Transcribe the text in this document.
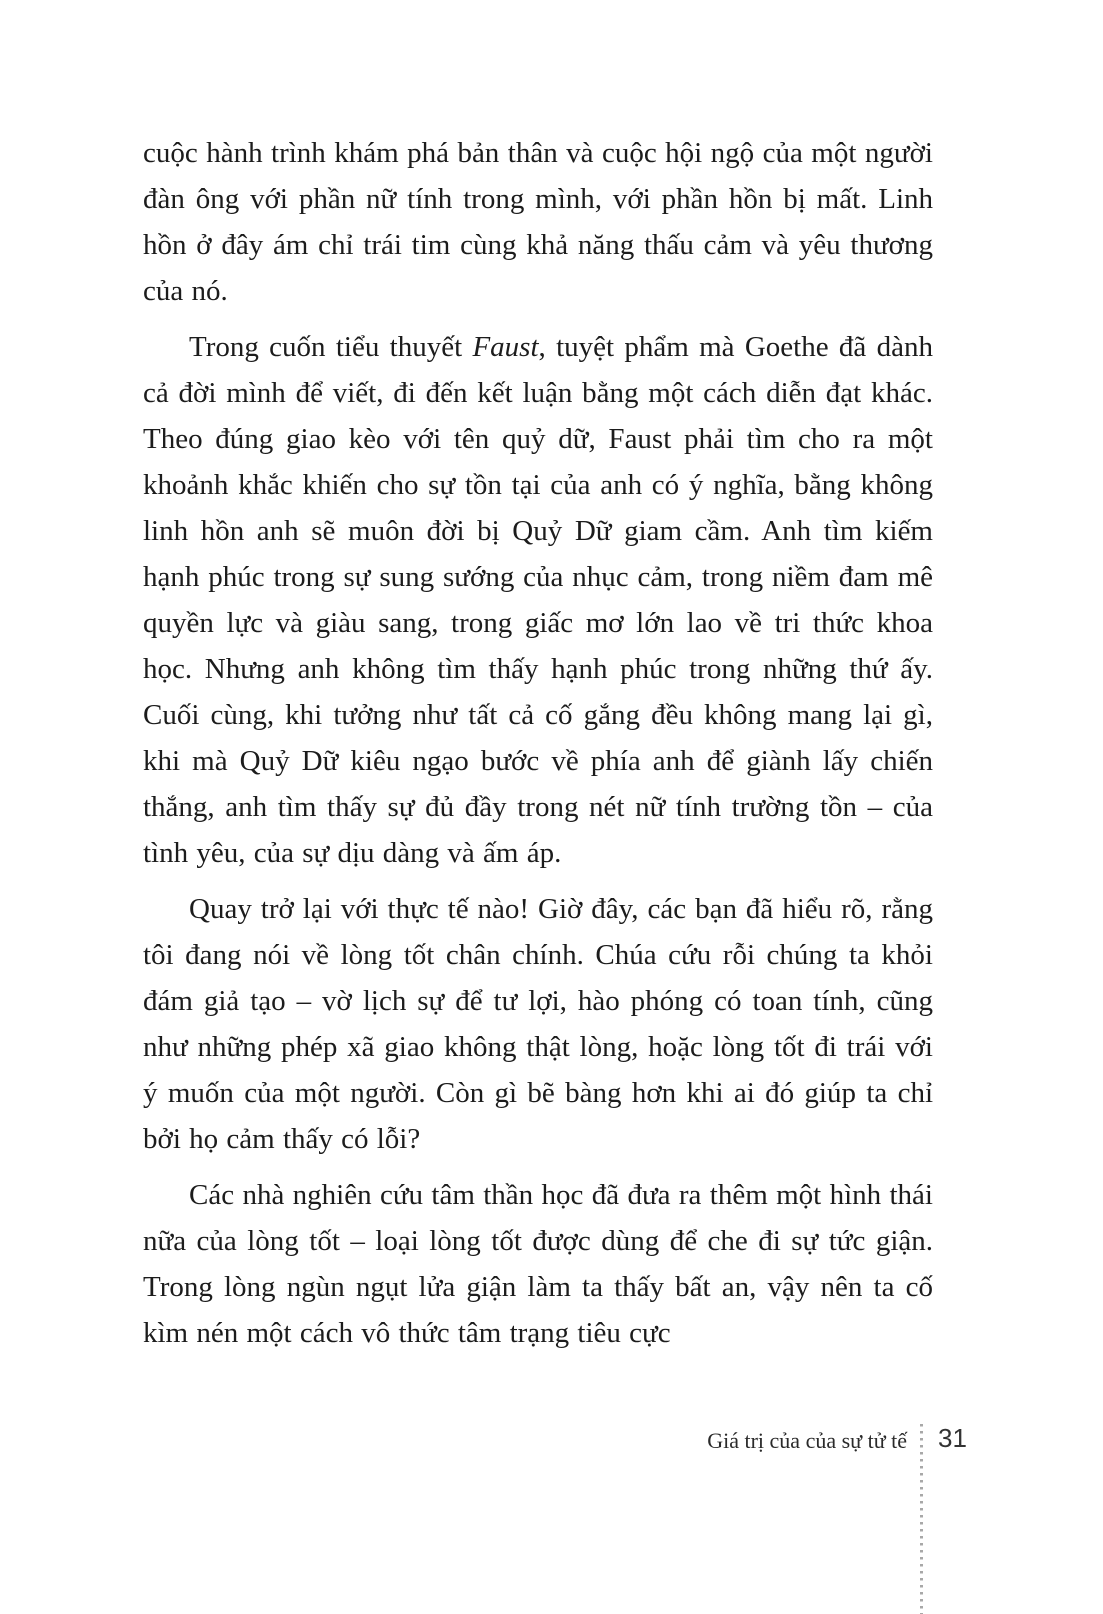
cuộc hành trình khám phá bản thân và cuộc hội ngộ của một người đàn ông với phần nữ tính trong mình, với phần hồn bị mất. Linh hồn ở đây ám chỉ trái tim cùng khả năng thấu cảm và yêu thương của nó.

Trong cuốn tiểu thuyết Faust, tuyệt phẩm mà Goethe đã dành cả đời mình để viết, đi đến kết luận bằng một cách diễn đạt khác. Theo đúng giao kèo với tên quỷ dữ, Faust phải tìm cho ra một khoảnh khắc khiến cho sự tồn tại của anh có ý nghĩa, bằng không linh hồn anh sẽ muôn đời bị Quỷ Dữ giam cầm. Anh tìm kiếm hạnh phúc trong sự sung sướng của nhục cảm, trong niềm đam mê quyền lực và giàu sang, trong giấc mơ lớn lao về tri thức khoa học. Nhưng anh không tìm thấy hạnh phúc trong những thứ ấy. Cuối cùng, khi tưởng như tất cả cố gắng đều không mang lại gì, khi mà Quỷ Dữ kiêu ngạo bước về phía anh để giành lấy chiến thắng, anh tìm thấy sự đủ đầy trong nét nữ tính trường tồn – của tình yêu, của sự dịu dàng và ấm áp.

Quay trở lại với thực tế nào! Giờ đây, các bạn đã hiểu rõ, rằng tôi đang nói về lòng tốt chân chính. Chúa cứu rỗi chúng ta khỏi đám giả tạo – vờ lịch sự để tư lợi, hào phóng có toan tính, cũng như những phép xã giao không thật lòng, hoặc lòng tốt đi trái với ý muốn của một người. Còn gì bẽ bàng hơn khi ai đó giúp ta chỉ bởi họ cảm thấy có lỗi?

Các nhà nghiên cứu tâm thần học đã đưa ra thêm một hình thái nữa của lòng tốt – loại lòng tốt được dùng để che đi sự tức giận. Trong lòng ngùn ngụt lửa giận làm ta thấy bất an, vậy nên ta cố kìm nén một cách vô thức tâm trạng tiêu cực

Giá trị của của sự tử tế 31
